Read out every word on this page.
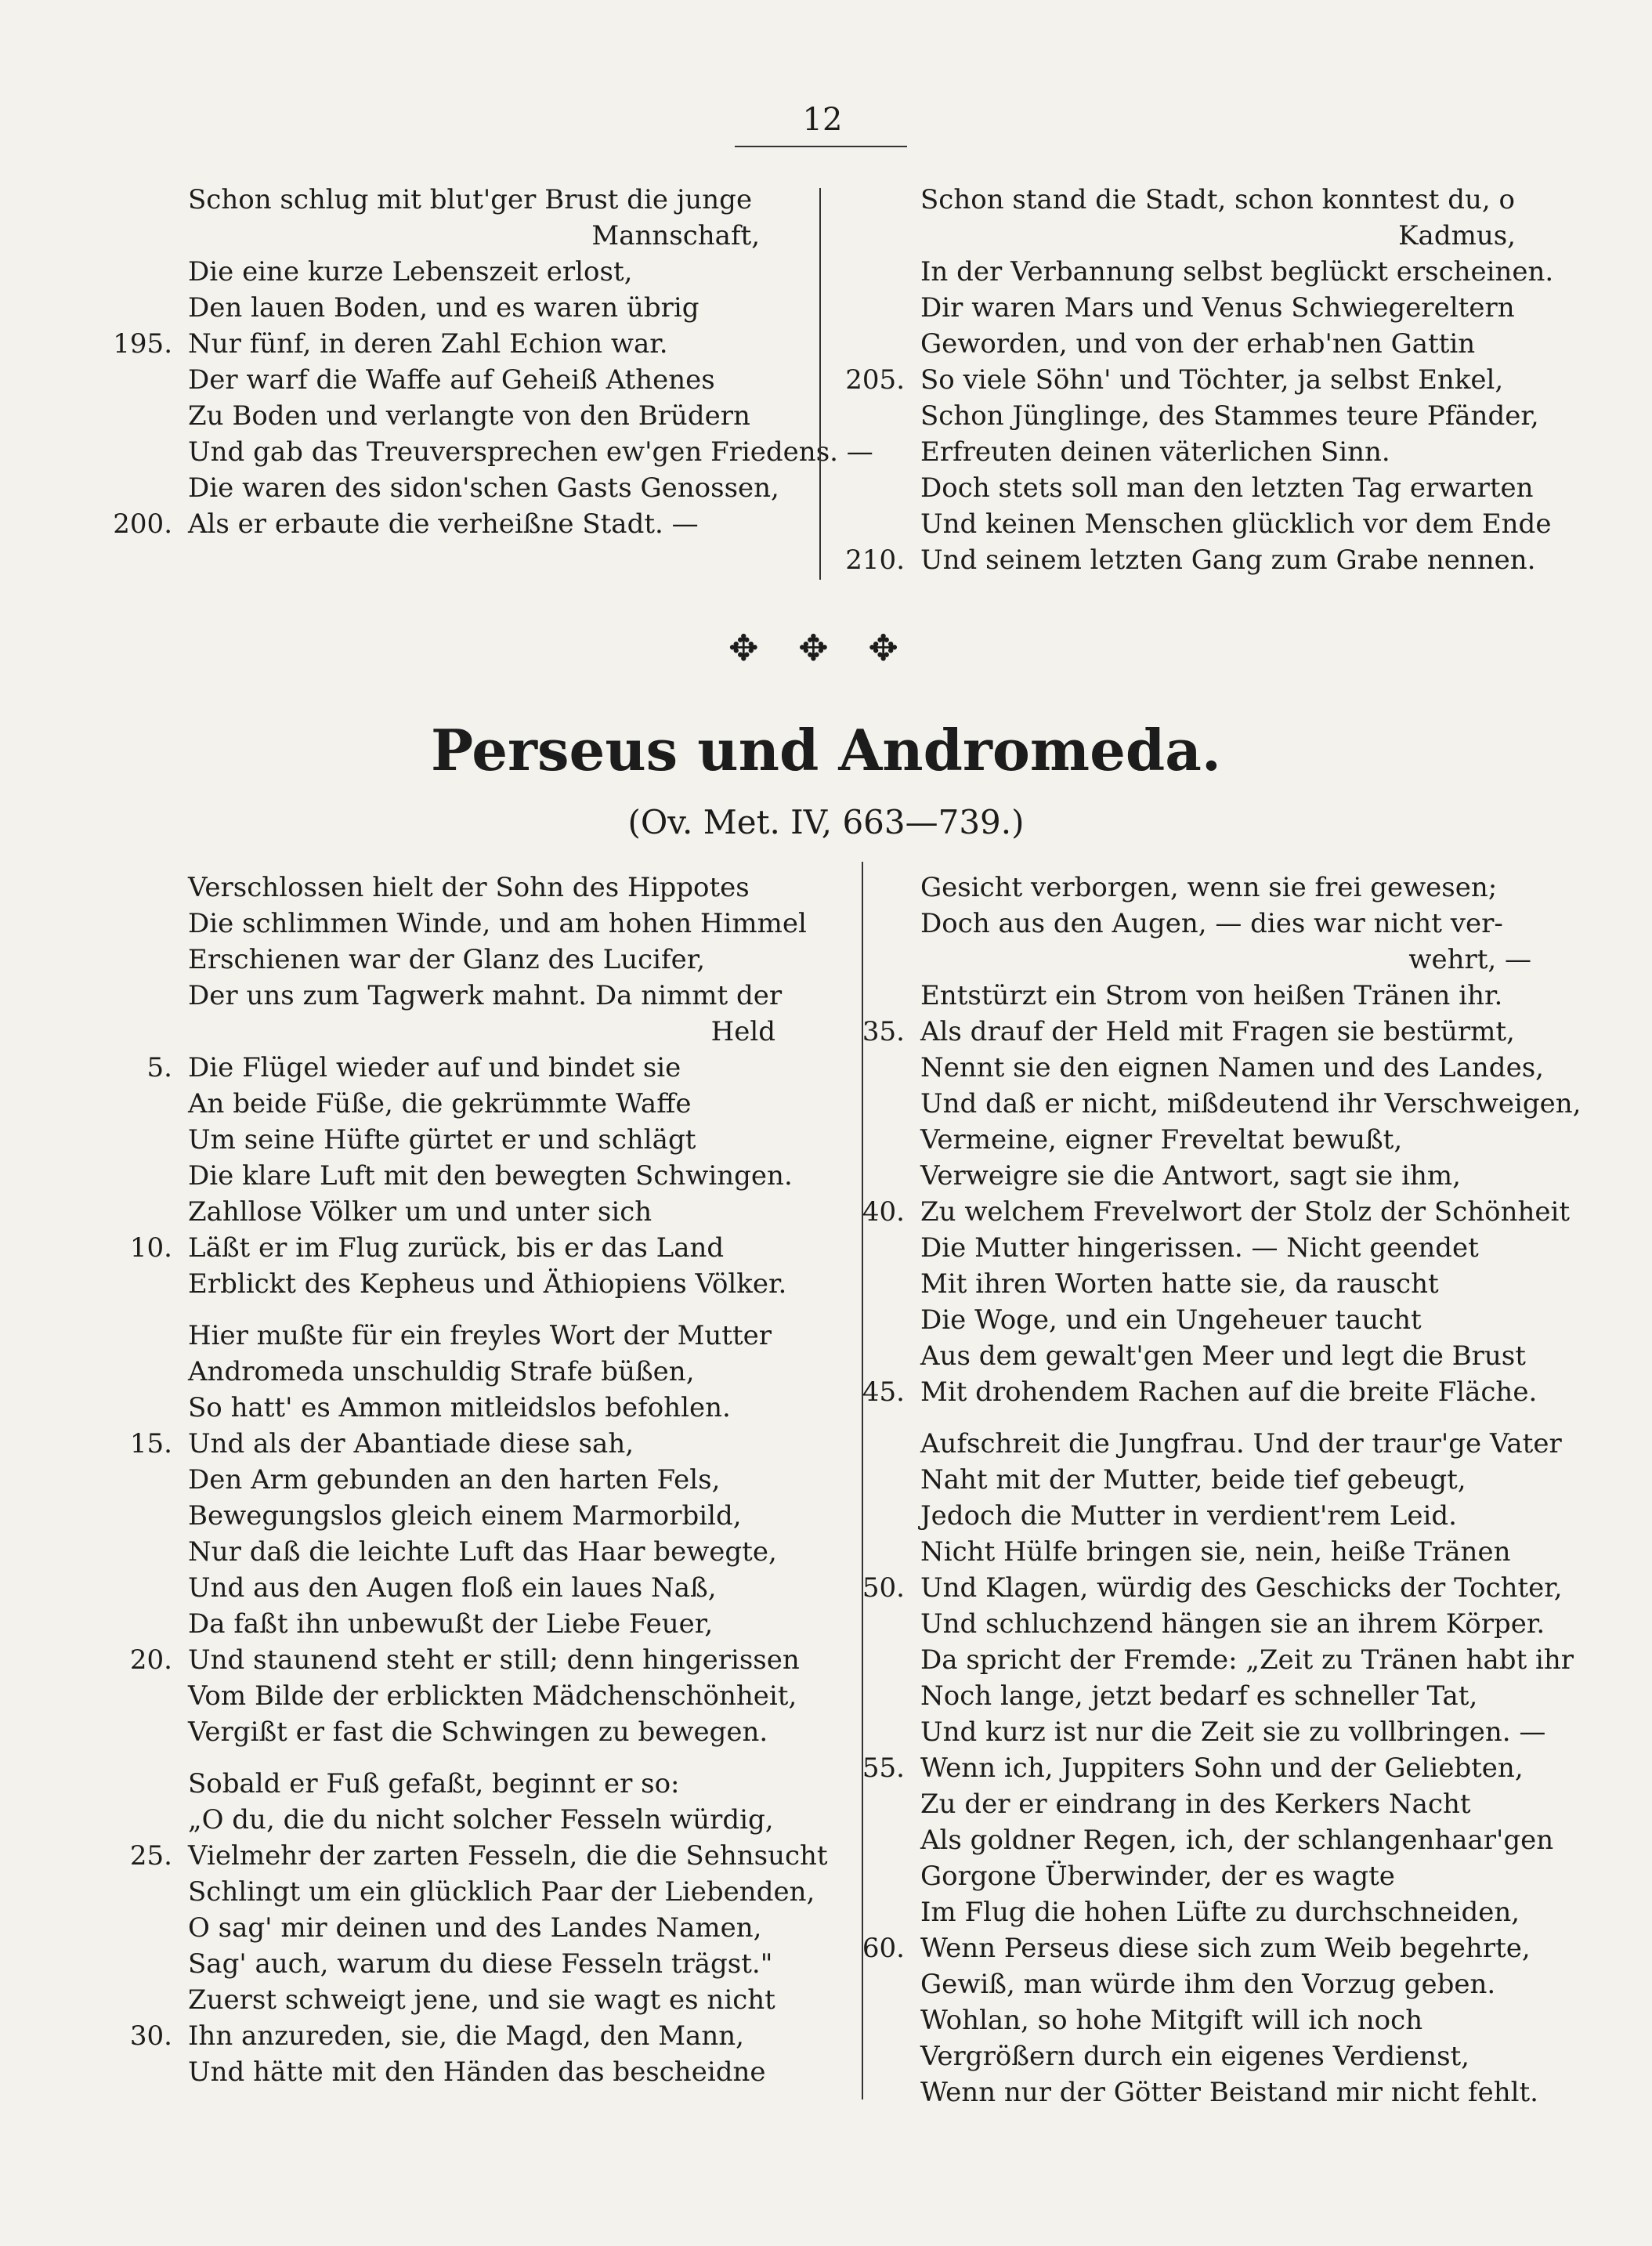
12
Schon schlug mit blut'ger Brust die junge
Mannschaft,
Die eine kurze Lebenszeit erlost,
Den lauen Boden, und es waren übrig
195. Nur fünf, in deren Zahl Echion war.
Der warf die Waffe auf Geheiß Athenes
Zu Boden und verlangte von den Brüdern
Und gab das Treuversprechen ew'gen Friedens. —
Die waren des sidon'schen Gasts Genossen,
200. Als er erbaute die verheißne Stadt. —
Schon stand die Stadt, schon konntest du, o
Kadmus,
In der Verbannung selbst beglückt erscheinen.
Dir waren Mars und Venus Schwiegereltern
Geworden, und von der erhab'nen Gattin
205. So viele Söhn' und Töchter, ja selbst Enkel,
Schon Jünglinge, des Stammes teure Pfänder,
Erfreuten deinen väterlichen Sinn.
Doch stets soll man den letzten Tag erwarten
Und keinen Menschen glücklich vor dem Ende
210. Und seinem letzten Gang zum Grabe nennen.
✥ ✥ ✥
Perseus und Andromeda.
(Ov. Met. IV, 663—739.)
Verschlossen hielt der Sohn des Hippotes
Die schlimmen Winde, und am hohen Himmel
Erschienen war der Glanz des Lucifer,
Der uns zum Tagwerk mahnt. Da nimmt der
Held
5. Die Flügel wieder auf und bindet sie
An beide Füße, die gekrümmte Waffe
Um seine Hüfte gürtet er und schlägt
Die klare Luft mit den bewegten Schwingen.
Zahllose Völker um und unter sich
10. Läßt er im Flug zurück, bis er das Land
Erblickt des Kepheus und Äthiopiens Völker.
Hier mußte für ein freyles Wort der Mutter
Andromeda unschuldig Strafe büßen,
So hatt' es Ammon mitleidslos befohlen.
15. Und als der Abantiade diese sah,
Den Arm gebunden an den harten Fels,
Bewegungslos gleich einem Marmorbild,
Nur daß die leichte Luft das Haar bewegte,
Und aus den Augen floß ein laues Naß,
Da faßt ihn unbewußt der Liebe Feuer,
20. Und staunend steht er still; denn hingerissen
Vom Bilde der erblickten Mädchenschönheit,
Vergißt er fast die Schwingen zu bewegen.
Sobald er Fuß gefaßt, beginnt er so:
„O du, die du nicht solcher Fesseln würdig,
25. Vielmehr der zarten Fesseln, die die Sehnsucht
Schlingt um ein glücklich Paar der Liebenden,
O sag' mir deinen und des Landes Namen,
Sag' auch, warum du diese Fesseln trägst."
Zuerst schweigt jene, und sie wagt es nicht
30. Ihn anzureden, sie, die Magd, den Mann,
Und hätte mit den Händen das bescheidne
Gesicht verborgen, wenn sie frei gewesen;
Doch aus den Augen, — dies war nicht ver-
wehrt, —
Entstürzt ein Strom von heißen Tränen ihr.
35. Als drauf der Held mit Fragen sie bestürmt,
Nennt sie den eignen Namen und des Landes,
Und daß er nicht, mißdeutend ihr Verschweigen,
Vermeine, eigner Freveltat bewußt,
Verweigre sie die Antwort, sagt sie ihm,
40. Zu welchem Frevelwort der Stolz der Schönheit
Die Mutter hingerissen. — Nicht geendet
Mit ihren Worten hatte sie, da rauscht
Die Woge, und ein Ungeheuer taucht
Aus dem gewalt'gen Meer und legt die Brust
45. Mit drohendem Rachen auf die breite Fläche.
Aufschreit die Jungfrau. Und der traur'ge Vater
Naht mit der Mutter, beide tief gebeugt,
Jedoch die Mutter in verdient'rem Leid.
Nicht Hülfe bringen sie, nein, heiße Tränen
50. Und Klagen, würdig des Geschicks der Tochter,
Und schluchzend hängen sie an ihrem Körper.
Da spricht der Fremde: „Zeit zu Tränen habt ihr
Noch lange, jetzt bedarf es schneller Tat,
Und kurz ist nur die Zeit sie zu vollbringen. —
55. Wenn ich, Juppiters Sohn und der Geliebten,
Zu der er eindrang in des Kerkers Nacht
Als goldner Regen, ich, der schlangenhaar'gen
Gorgone Überwinder, der es wagte
Im Flug die hohen Lüfte zu durchschneiden,
60. Wenn Perseus diese sich zum Weib begehrte,
Gewiß, man würde ihm den Vorzug geben.
Wohlan, so hohe Mitgift will ich noch
Vergrößern durch ein eigenes Verdienst,
Wenn nur der Götter Beistand mir nicht fehlt.
